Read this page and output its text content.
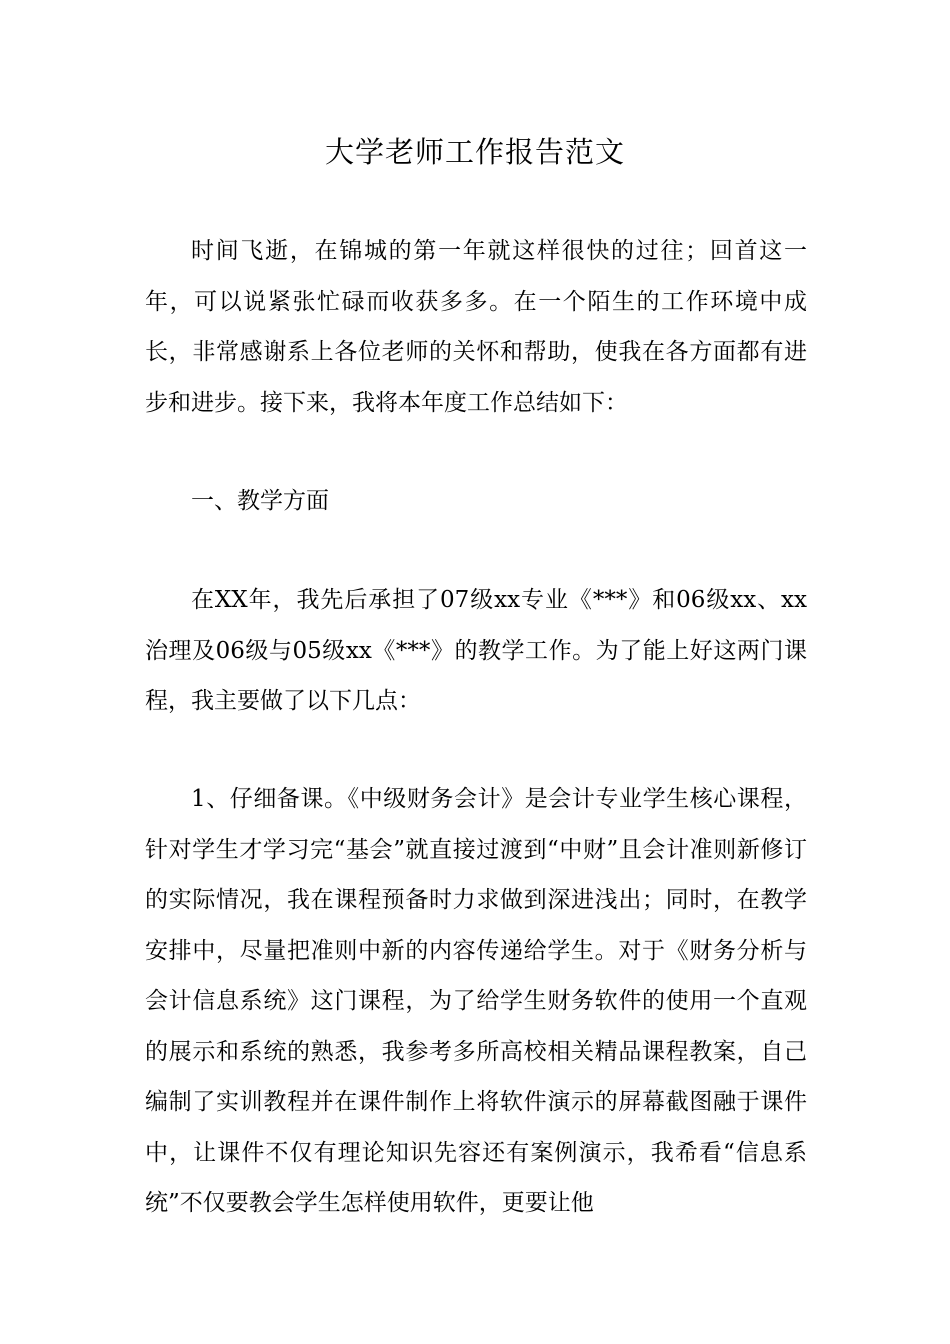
大学老师工作报告范文

时间飞逝，在锦城的第一年就这样很快的过往；回首这一年，可以说紧张忙碌而收获多多。在一个陌生的工作环境中成长，非常感谢系上各位老师的关怀和帮助，使我在各方面都有进步和进步。接下来，我将本年度工作总结如下：

一、教学方面

在XX年，我先后承担了07级xx专业《***》和06级xx、xx治理及06级与05级xx《***》的教学工作。为了能上好这两门课程，我主要做了以下几点：

1、仔细备课。《中级财务会计》是会计专业学生核心课程，针对学生才学习完“基会”就直接过渡到“中财”且会计准则新修订的实际情况，我在课程预备时力求做到深进浅出；同时，在教学安排中，尽量把准则中新的内容传递给学生。对于《财务分析与会计信息系统》这门课程，为了给学生财务软件的使用一个直观的展示和系统的熟悉，我参考多所高校相关精品课程教案，自己编制了实训教程并在课件制作上将软件演示的屏幕截图融于课件中，让课件不仅有理论知识先容还有案例演示，我希看“信息系统”不仅要教会学生怎样使用软件，更要让他
